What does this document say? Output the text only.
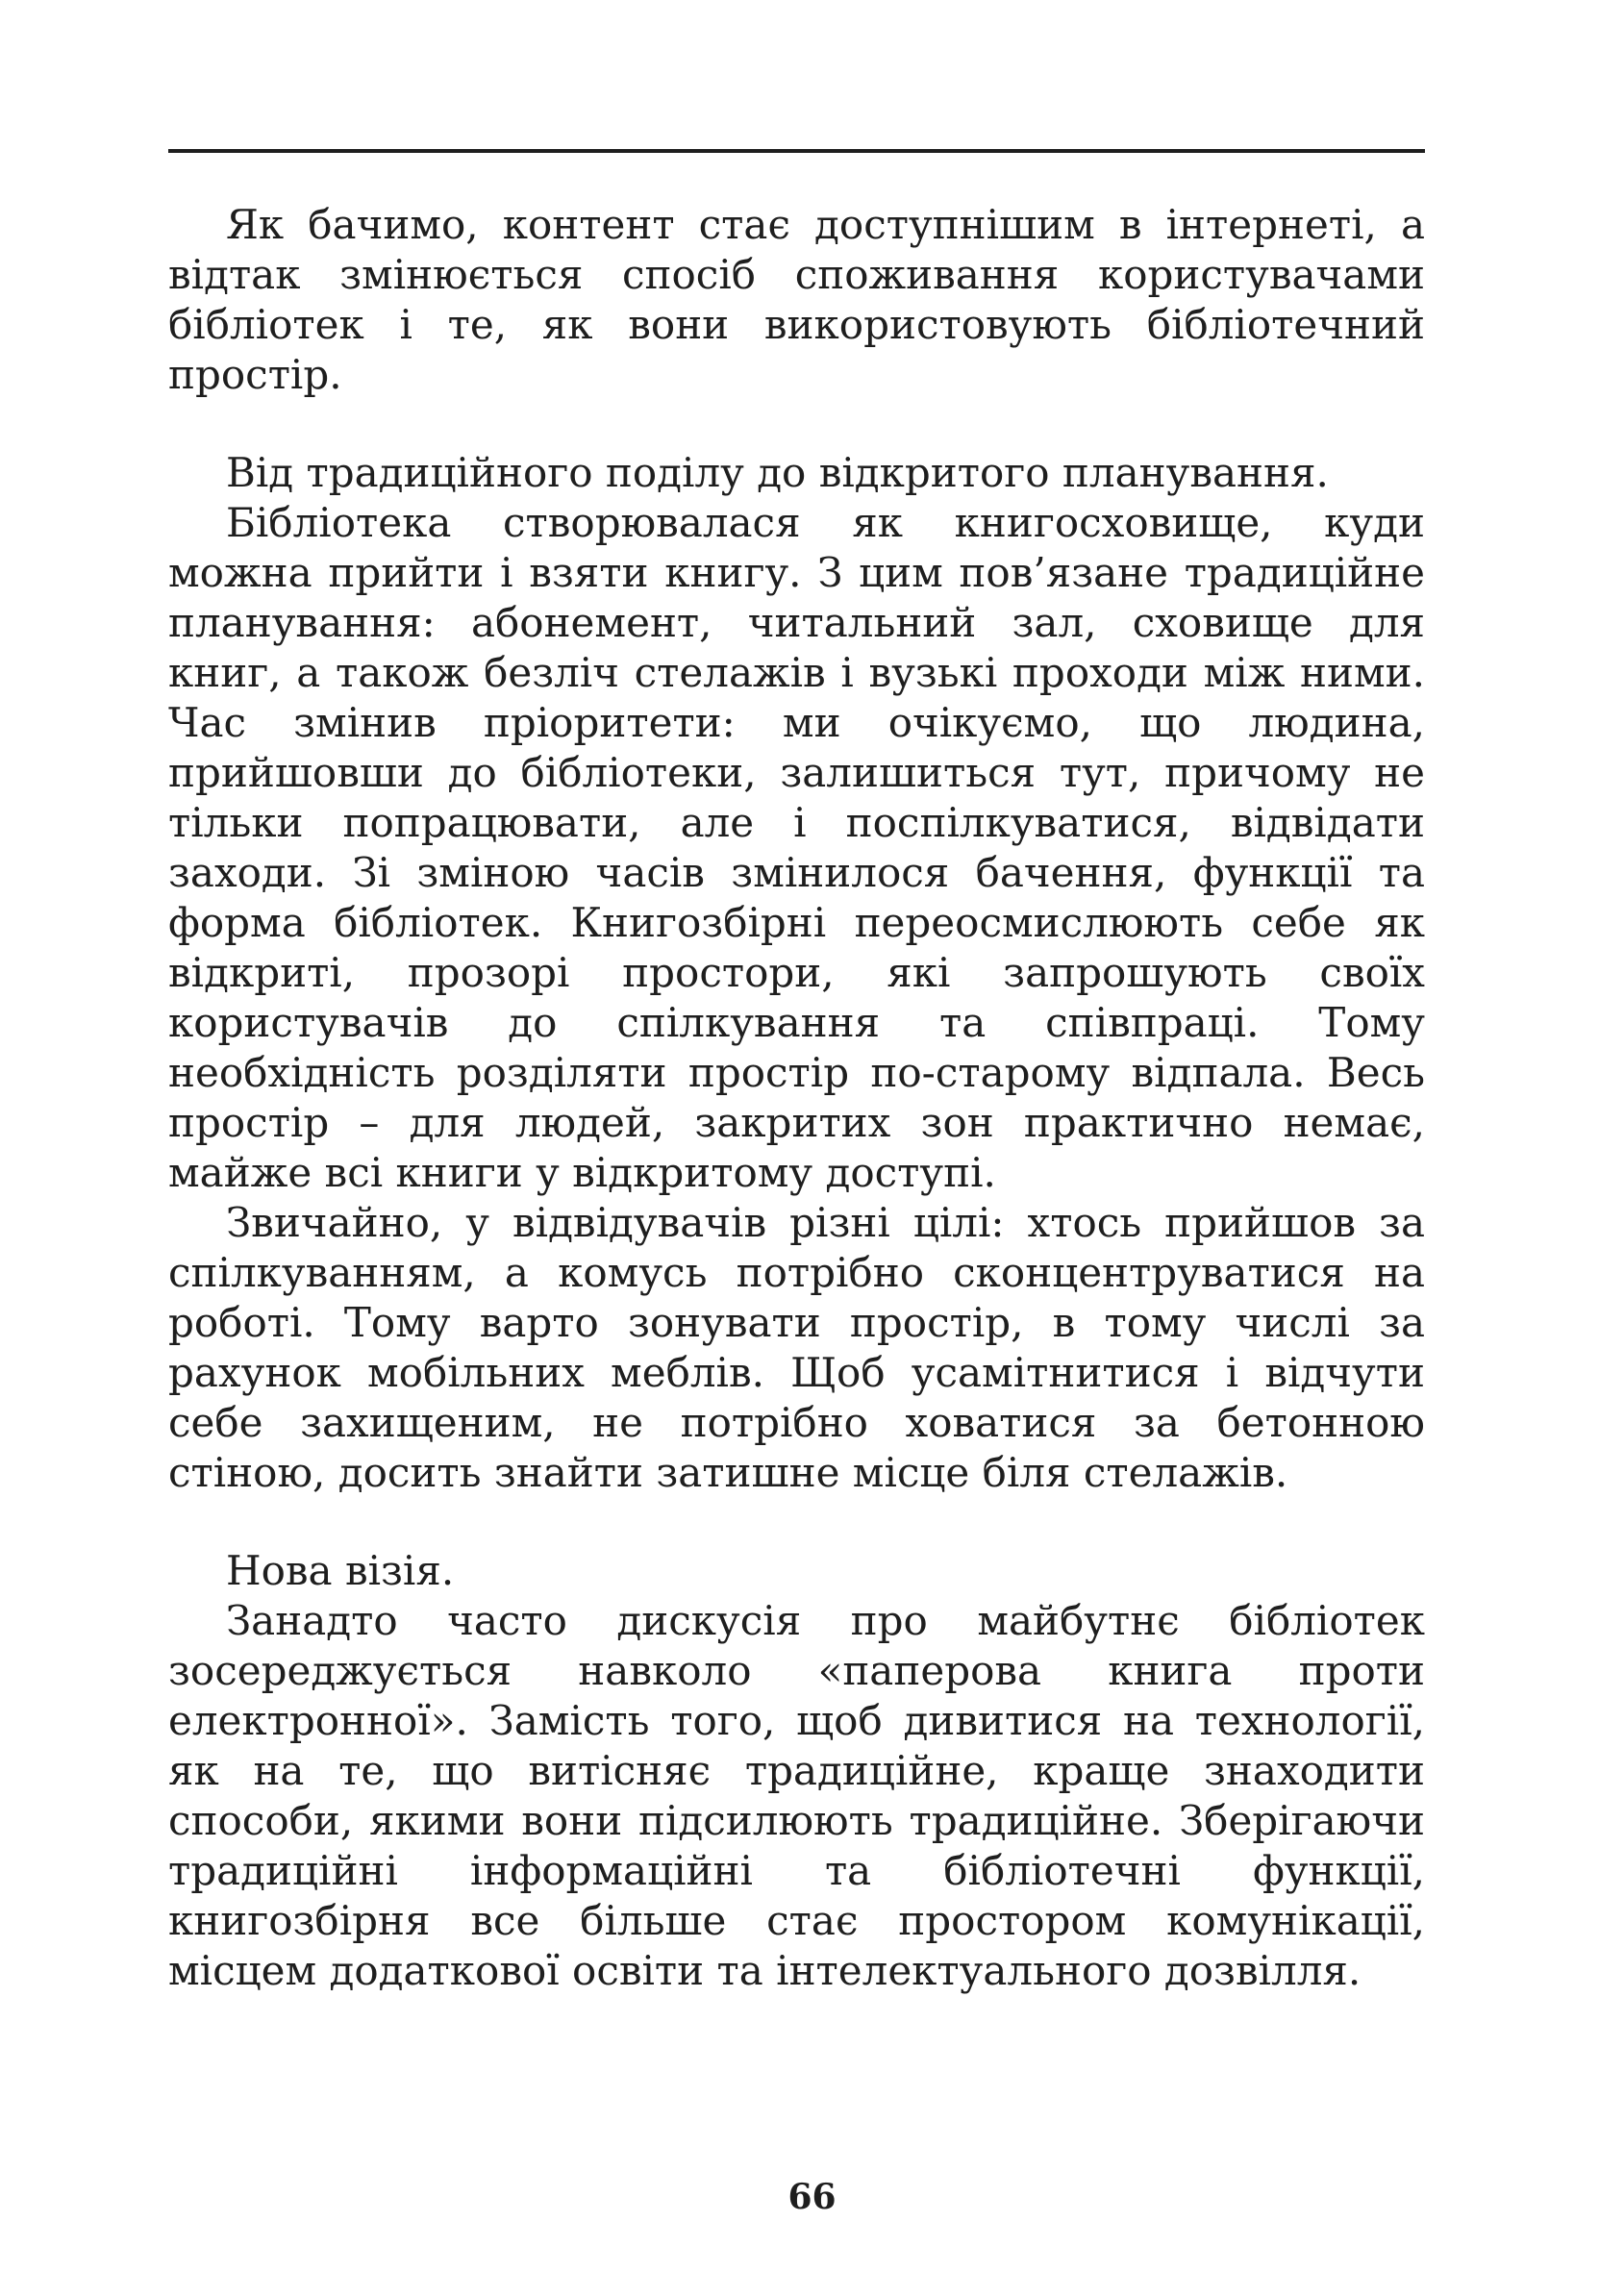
Як бачимо, контент стає доступнішим в інтернеті, а відтак змінюється спосіб споживання користувачами бібліотек і те, як вони використовують бібліотечний простір.

Від традиційного поділу до відкритого планування.

Бібліотека створювалася як книгосховище, куди можна прийти і взяти книгу. З цим пов’язане традиційне планування: абонемент, читальний зал, сховище для книг, а також безліч стелажів і вузькі проходи між ними. Час змінив пріоритети: ми очікуємо, що людина, прийшовши до бібліотеки, залишиться тут, причому не тільки попрацювати, але і поспілкуватися, відвідати заходи. Зі зміною часів змінилося бачення, функції та форма бібліотек. Книгозбірні переосмислюють себе як відкриті, прозорі простори, які запрошують своїх користувачів до спілкування та співпраці. Тому необхідність розділяти простір по-старому відпала. Весь простір – для людей, закритих зон практично немає, майже всі книги у відкритому доступі.

Звичайно, у відвідувачів різні цілі: хтось прийшов за спілкуванням, а комусь потрібно сконцентруватися на роботі. Тому варто зонувати простір, в тому числі за рахунок мобільних меблів. Щоб усамітнитися і відчути себе захищеним, не потрібно ховатися за бетонною стіною, досить знайти затишне місце біля стелажів.

Нова візія.

Занадто часто дискусія про майбутнє бібліотек зосереджується навколо «паперова книга проти електронної». Замість того, щоб дивитися на технології, як на те, що витісняє традиційне, краще знаходити способи, якими вони підсилюють традиційне. Зберігаючи традиційні інформаційні та бібліотечні функції, книгозбірня все більше стає простором комунікації, місцем додаткової освіти та інтелектуального дозвілля.

66
